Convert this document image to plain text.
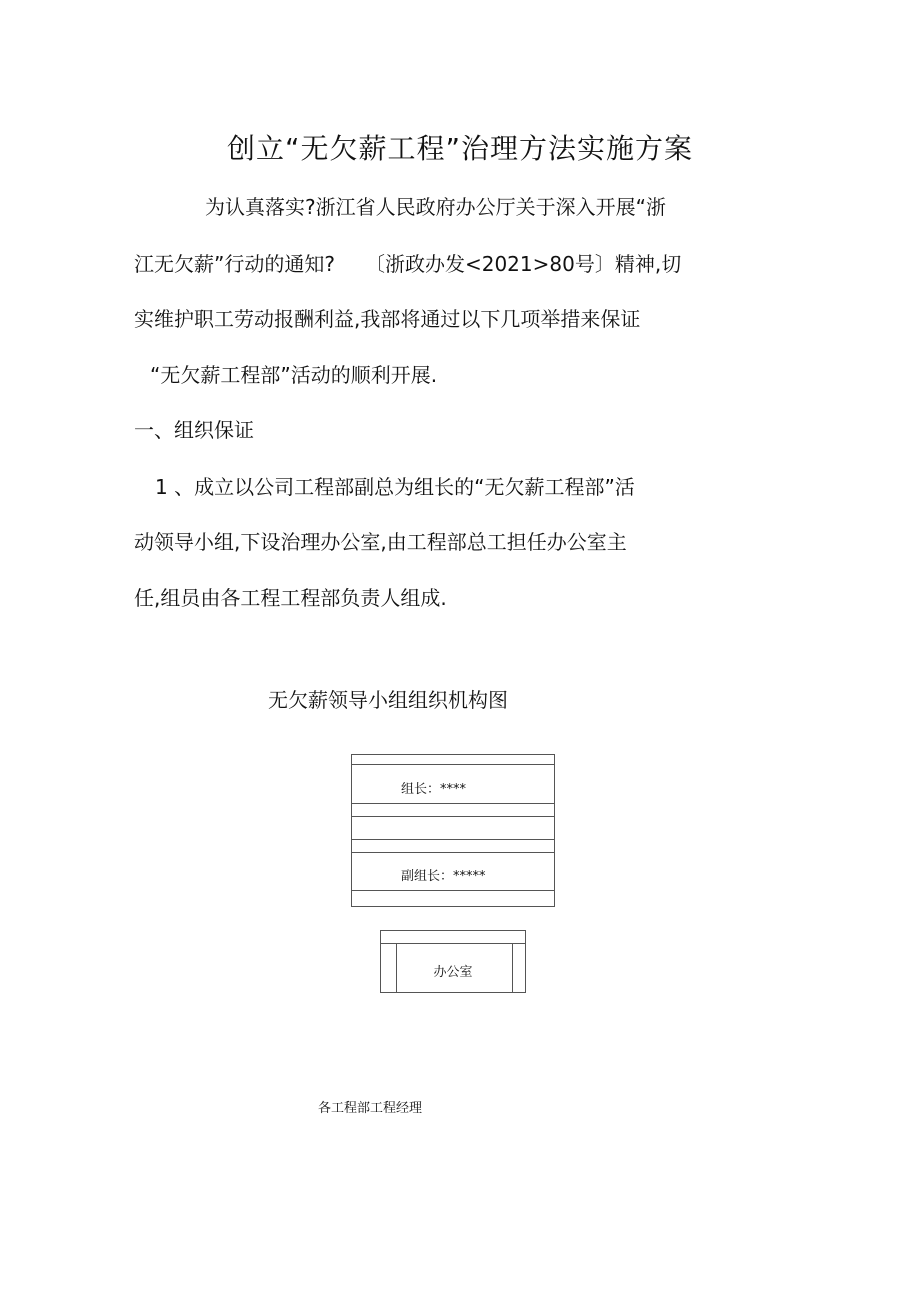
创立“无欠薪工程”治理方法实施方案
为认真落实?浙江省人民政府办公厅关于深入开展“浙
江无欠薪”行动的通知?　　〔浙政办发<2021>80号〕精神,切
实维护职工劳动报酬利益,我部将通过以下几项举措来保证
“无欠薪工程部”活动的顺利开展.
一、组织保证
1 、成立以公司工程部副总为组长的“无欠薪工程部”活
动领导小组,下设治理办公室,由工程部总工担任办公室主
任,组员由各工程工程部负责人组成.
无欠薪领导小组组织机构图
组长：****
副组长：*****
办公室
各工程部工程经理
